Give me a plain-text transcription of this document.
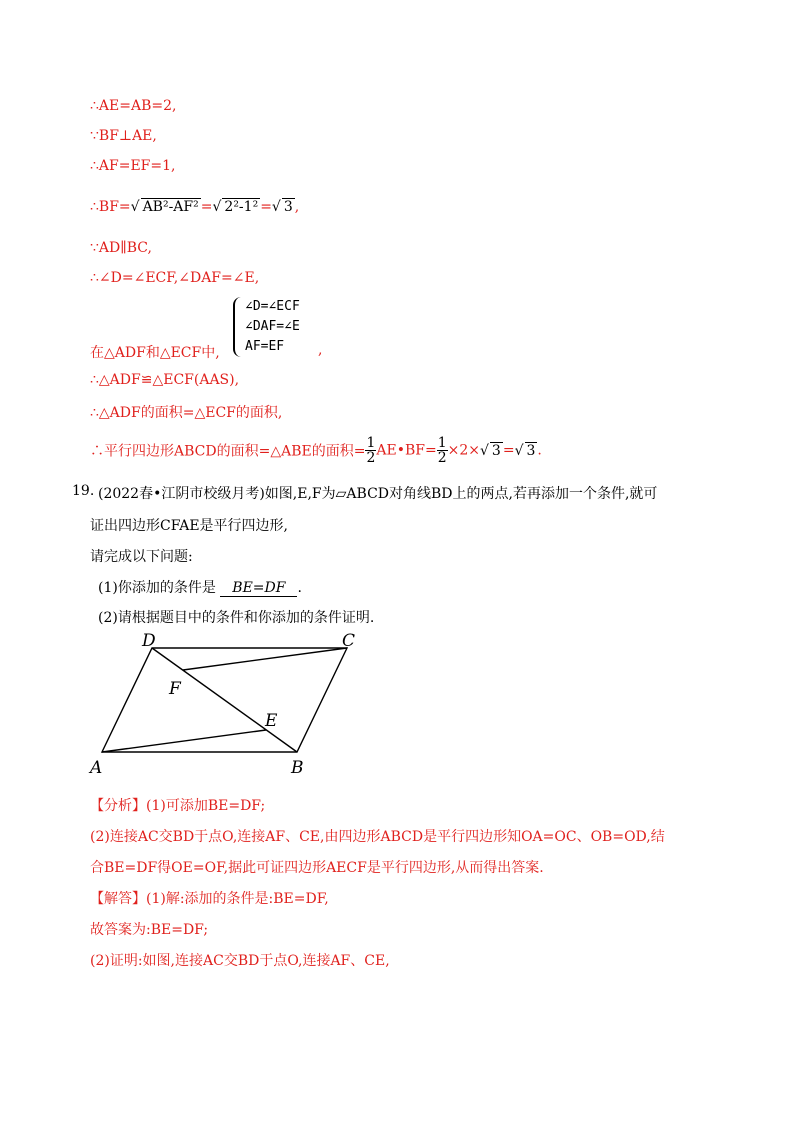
∴AE=AB=2,
∵BF⊥AE,
∴AF=EF=1,
∴BF=√ AB²-AF² =√ 2²-1² =√ 3 ,
∵AD∥BC,
∴∠D=∠ECF,∠DAF=∠E,
∠D=∠ECF
∠DAF=∠E
AF=EF
在△ADF和△ECF中,	,
∴△ADF≌△ECF(AAS),
∴△ADF的面积=△ECF的面积,
∴平行四边形ABCD的面积=△ABE的面积= $\frac{1}{2}$ AE•BF= $\frac{1}{2} \times 2\times√$ 3 =√ 3 .
19. (2022春•江阴市校级月考)如图,E,F为▱ABCD对角线BD上的两点,若再添加一个条件,就可
证出四边形CFAE是平行四边形,
请完成以下问题:
(1)你添加的条件是 BE=DF .
(2)请根据题目中的条件和你添加的条件证明.
D	C
F
E
A	B
【分析】(1)可添加BE=DF;
(2)连接AC交BD于点O,连接AF、CE,由四边形ABCD是平行四边形知OA=OC、OB=OD,结
合BE=DF得OE=OF,据此可证四边形AECF是平行四边形,从而得出答案.
【解答】(1)解:添加的条件是:BE=DF,
故答案为:BE=DF;
(2)证明:如图,连接AC交BD于点O,连接AF、CE,
